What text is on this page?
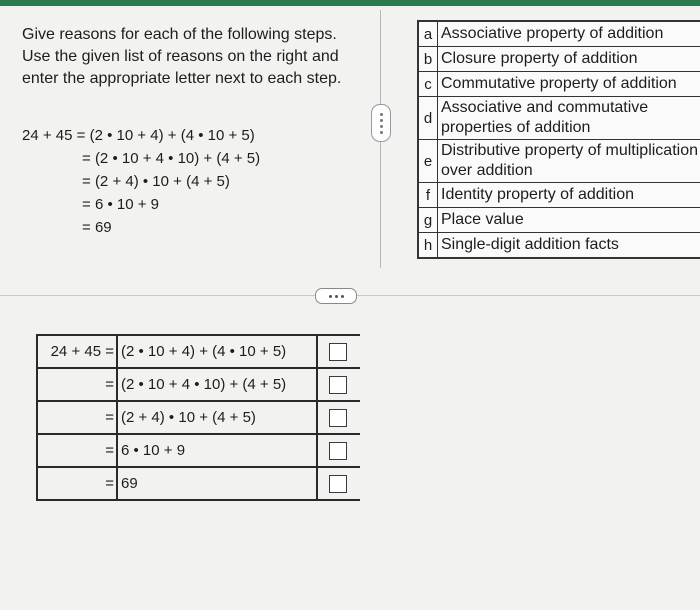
Give reasons for each of the following steps. Use the given list of reasons on the right and enter the appropriate letter next to each step.

24 + 45 = (2 • 10 + 4) + (4 • 10 + 5)
= (2 • 10 + 4 • 10) + (4 + 5)
= (2 + 4) • 10 + (4 + 5)
= 6 • 10 + 9
= 69
a Associative property of addition
b Closure property of addition
c Commutative property of addition
d
Associative and commutative properties of addition
e
Distributive property of multiplication over addition
f Identity property of addition
g Place value
h Single-digit addition facts
24 + 45 = (2 • 10 + 4) + (4 • 10 + 5)
= (2 • 10 + 4 • 10) + (4 + 5)
= (2 + 4) • 10 + (4 + 5)
= 6 • 10 + 9
= 69
